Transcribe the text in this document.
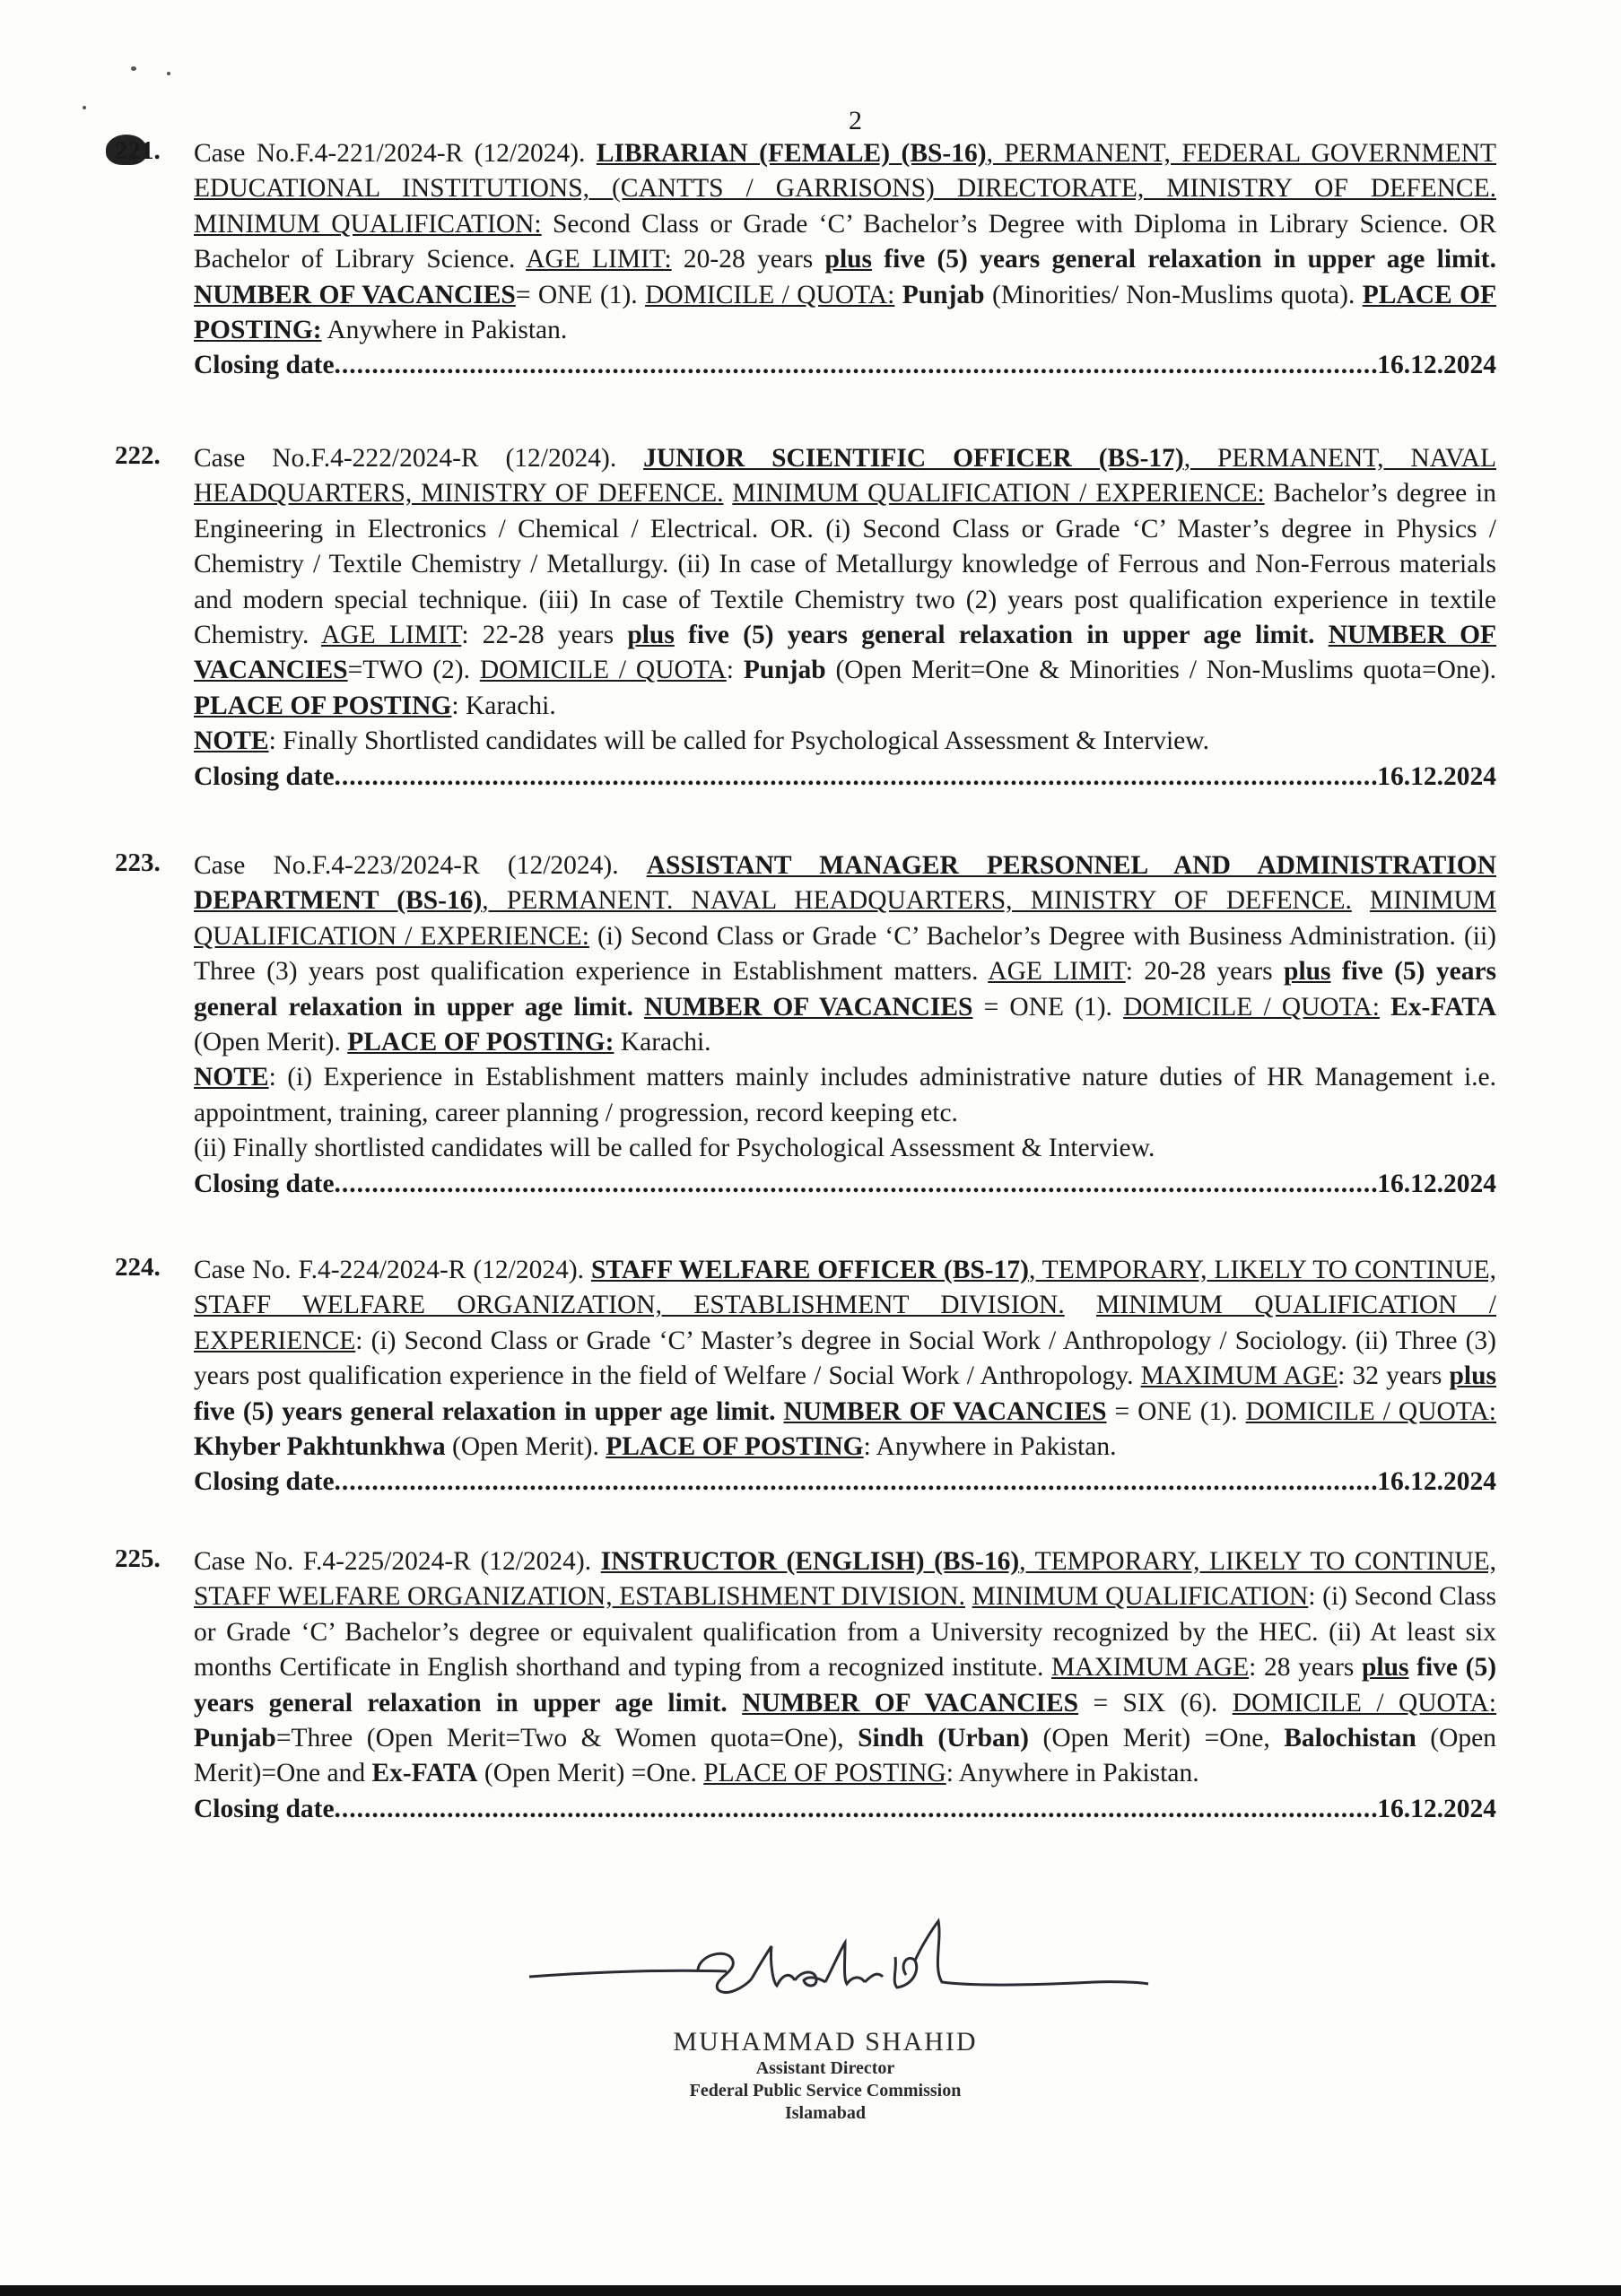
2
221. Case No.F.4-221/2024-R (12/2024). LIBRARIAN (FEMALE) (BS-16), PERMANENT, FEDERAL GOVERNMENT EDUCATIONAL INSTITUTIONS, (CANTTS / GARRISONS) DIRECTORATE, MINISTRY OF DEFENCE. MINIMUM QUALIFICATION: Second Class or Grade ‘C’ Bachelor’s Degree with Diploma in Library Science. OR Bachelor of Library Science. AGE LIMIT: 20-28 years plus five (5) years general relaxation in upper age limit. NUMBER OF VACANCIES= ONE (1). DOMICILE / QUOTA: Punjab (Minorities/ Non-Muslims quota). PLACE OF POSTING: Anywhere in Pakistan.
Closing date .....	16.12.2024
222. Case No.F.4-222/2024-R (12/2024). JUNIOR SCIENTIFIC OFFICER (BS-17), PERMANENT, NAVAL HEADQUARTERS, MINISTRY OF DEFENCE. MINIMUM QUALIFICATION / EXPERIENCE: Bachelor’s degree in Engineering in Electronics / Chemical / Electrical. OR. (i) Second Class or Grade ‘C’ Master’s degree in Physics / Chemistry / Textile Chemistry / Metallurgy. (ii) In case of Metallurgy knowledge of Ferrous and Non-Ferrous materials and modern special technique. (iii) In case of Textile Chemistry two (2) years post qualification experience in textile Chemistry. AGE LIMIT: 22-28 years plus five (5) years general relaxation in upper age limit. NUMBER OF VACANCIES=TWO (2). DOMICILE / QUOTA: Punjab (Open Merit=One & Minorities / Non-Muslims quota=One). PLACE OF POSTING: Karachi.
NOTE: Finally Shortlisted candidates will be called for Psychological Assessment & Interview.
Closing date .....	16.12.2024
223. Case No.F.4-223/2024-R (12/2024). ASSISTANT MANAGER PERSONNEL AND ADMINISTRATION DEPARTMENT (BS-16), PERMANENT. NAVAL HEADQUARTERS, MINISTRY OF DEFENCE. MINIMUM QUALIFICATION / EXPERIENCE: (i) Second Class or Grade ‘C’ Bachelor’s Degree with Business Administration. (ii) Three (3) years post qualification experience in Establishment matters. AGE LIMIT: 20-28 years plus five (5) years general relaxation in upper age limit. NUMBER OF VACANCIES = ONE (1). DOMICILE / QUOTA: Ex-FATA (Open Merit). PLACE OF POSTING: Karachi.
NOTE: (i) Experience in Establishment matters mainly includes administrative nature duties of HR Management i.e. appointment, training, career planning / progression, record keeping etc.
(ii) Finally shortlisted candidates will be called for Psychological Assessment & Interview.
Closing date .....	16.12.2024
224. Case No. F.4-224/2024-R (12/2024). STAFF WELFARE OFFICER (BS-17), TEMPORARY, LIKELY TO CONTINUE, STAFF WELFARE ORGANIZATION, ESTABLISHMENT DIVISION. MINIMUM QUALIFICATION / EXPERIENCE: (i) Second Class or Grade ‘C’ Master’s degree in Social Work / Anthropology / Sociology. (ii) Three (3) years post qualification experience in the field of Welfare / Social Work / Anthropology. MAXIMUM AGE: 32 years plus five (5) years general relaxation in upper age limit. NUMBER OF VACANCIES = ONE (1). DOMICILE / QUOTA: Khyber Pakhtunkhwa (Open Merit). PLACE OF POSTING: Anywhere in Pakistan.
Closing date .....	16.12.2024
225. Case No. F.4-225/2024-R (12/2024). INSTRUCTOR (ENGLISH) (BS-16), TEMPORARY, LIKELY TO CONTINUE, STAFF WELFARE ORGANIZATION, ESTABLISHMENT DIVISION. MINIMUM QUALIFICATION: (i) Second Class or Grade ‘C’ Bachelor’s degree or equivalent qualification from a University recognized by the HEC. (ii) At least six months Certificate in English shorthand and typing from a recognized institute. MAXIMUM AGE: 28 years plus five (5) years general relaxation in upper age limit. NUMBER OF VACANCIES = SIX (6). DOMICILE / QUOTA: Punjab=Three (Open Merit=Two & Women quota=One), Sindh (Urban) (Open Merit) =One, Balochistan (Open Merit)=One and Ex-FATA (Open Merit) =One. PLACE OF POSTING: Anywhere in Pakistan.
Closing date .....	16.12.2024
MUHAMMAD SHAHID
Assistant Director
Federal Public Service Commission
Islamabad
